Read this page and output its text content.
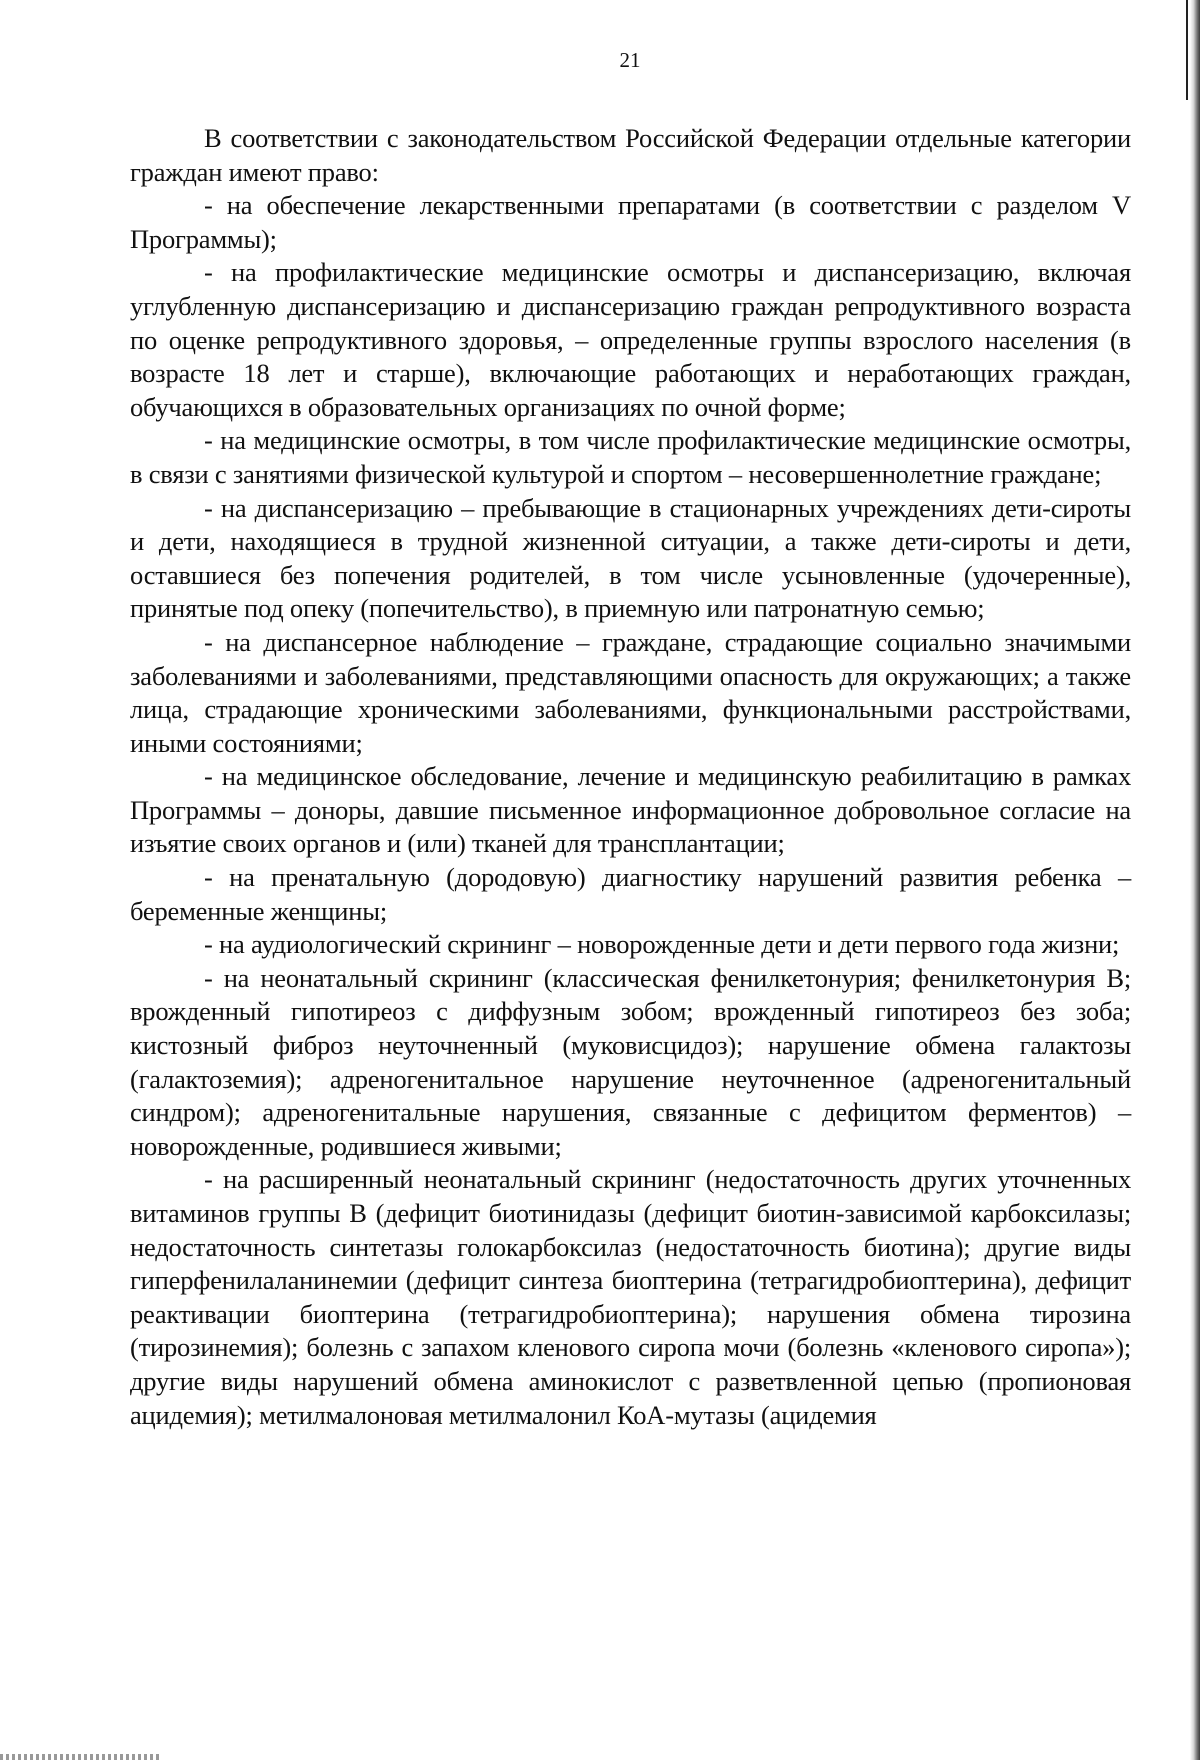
21

В соответствии с законодательством Российской Федерации отдельные категории граждан имеют право:

- на обеспечение лекарственными препаратами (в соответствии с разделом V Программы);

- на профилактические медицинские осмотры и диспансеризацию, включая углубленную диспансеризацию и диспансеризацию граждан репродуктивного возраста по оценке репродуктивного здоровья, – определенные группы взрослого населения (в возрасте 18 лет и старше), включающие работающих и неработающих граждан, обучающихся в образовательных организациях по очной форме;

- на медицинские осмотры, в том числе профилактические медицинские осмотры, в связи с занятиями физической культурой и спортом – несовершеннолетние граждане;

- на диспансеризацию – пребывающие в стационарных учреждениях дети-сироты и дети, находящиеся в трудной жизненной ситуации, а также дети-сироты и дети, оставшиеся без попечения родителей, в том числе усыновленные (удочеренные), принятые под опеку (попечительство), в приемную или патронатную семью;

- на диспансерное наблюдение – граждане, страдающие социально значимыми заболеваниями и заболеваниями, представляющими опасность для окружающих; а также лица, страдающие хроническими заболеваниями, функциональными расстройствами, иными состояниями;

- на медицинское обследование, лечение и медицинскую реабилитацию в рамках Программы – доноры, давшие письменное информационное добровольное согласие на изъятие своих органов и (или) тканей для трансплантации;

- на пренатальную (дородовую) диагностику нарушений развития ребенка – беременные женщины;

- на аудиологический скрининг – новорожденные дети и дети первого года жизни;

- на неонатальный скрининг (классическая фенилкетонурия; фенилкетонурия В; врожденный гипотиреоз с диффузным зобом; врожденный гипотиреоз без зоба; кистозный фиброз неуточненный (муковисцидоз); нарушение обмена галактозы (галактоземия); адреногенитальное нарушение неуточненное (адреногенитальный синдром); адреногенитальные нарушения, связанные с дефицитом ферментов) – новорожденные, родившиеся живыми;

- на расширенный неонатальный скрининг (недостаточность других уточненных витаминов группы В (дефицит биотинидазы (дефицит биотин-зависимой карбоксилазы; недостаточность синтетазы голокарбоксилаз (недостаточность биотина); другие виды гиперфенилаланинемии (дефицит синтеза биоптерина (тетрагидробиоптерина), дефицит реактивации биоптерина (тетрагидробиоптерина); нарушения обмена тирозина (тирозинемия); болезнь с запахом кленового сиропа мочи (болезнь «кленового сиропа»); другие виды нарушений обмена аминокислот с разветвленной цепью (пропионовая ацидемия); метилмалоновая метилмалонил КоА-мутазы (ацидемия
